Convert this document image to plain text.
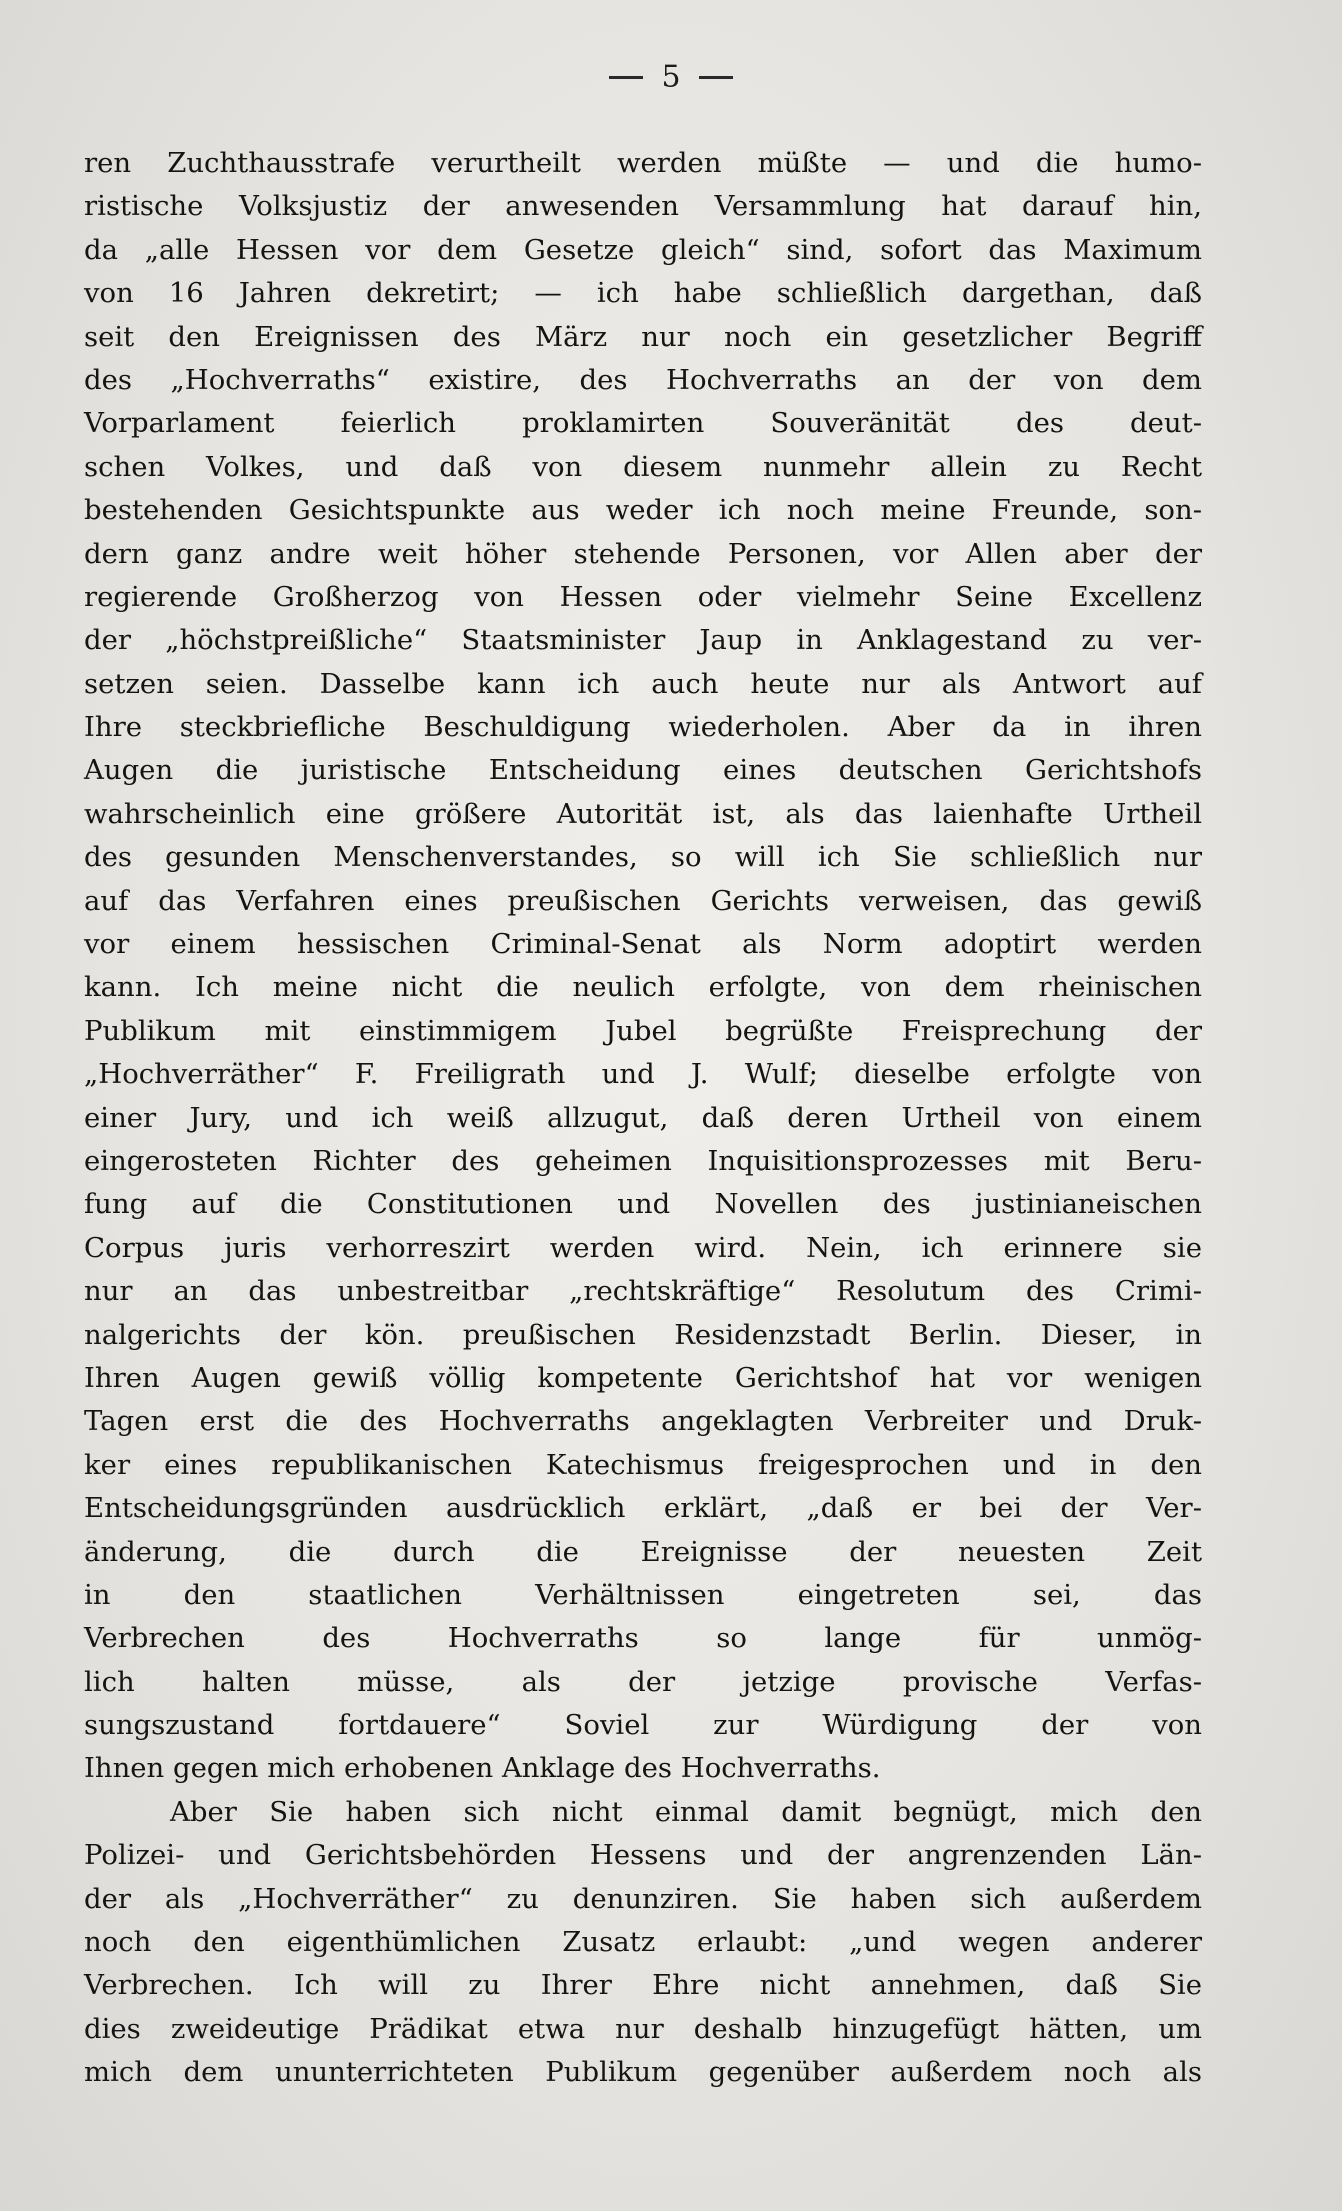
5
ren Zuchthausstrafe verurtheilt werden müßte — und die humo-
ristische Volksjustiz der anwesenden Versammlung hat darauf hin,
da „alle Hessen vor dem Gesetze gleich“ sind, sofort das Maximum
von 16 Jahren dekretirt; — ich habe schließlich dargethan, daß
seit den Ereignissen des März nur noch ein gesetzlicher Begriff
des „Hochverraths“ existire, des Hochverraths an der von dem
Vorparlament feierlich proklamirten Souveränität des deut-
schen Volkes, und daß von diesem nunmehr allein zu Recht
bestehenden Gesichtspunkte aus weder ich noch meine Freunde, son-
dern ganz andre weit höher stehende Personen, vor Allen aber der
regierende Großherzog von Hessen oder vielmehr Seine Excellenz
der „höchstpreißliche“ Staatsminister Jaup in Anklagestand zu ver-
setzen seien. Dasselbe kann ich auch heute nur als Antwort auf
Ihre steckbriefliche Beschuldigung wiederholen. Aber da in ihren
Augen die juristische Entscheidung eines deutschen Gerichtshofs
wahrscheinlich eine größere Autorität ist, als das laienhafte Urtheil
des gesunden Menschenverstandes, so will ich Sie schließlich nur
auf das Verfahren eines preußischen Gerichts verweisen, das gewiß
vor einem hessischen Criminal-Senat als Norm adoptirt werden
kann. Ich meine nicht die neulich erfolgte, von dem rheinischen
Publikum mit einstimmigem Jubel begrüßte Freisprechung der
„Hochverräther“ F. Freiligrath und J. Wulf; dieselbe erfolgte von
einer Jury, und ich weiß allzugut, daß deren Urtheil von einem
eingerosteten Richter des geheimen Inquisitionsprozesses mit Beru-
fung auf die Constitutionen und Novellen des justinianeischen
Corpus juris verhorreszirt werden wird. Nein, ich erinnere sie
nur an das unbestreitbar „rechtskräftige“ Resolutum des Crimi-
nalgerichts der kön. preußischen Residenzstadt Berlin. Dieser, in
Ihren Augen gewiß völlig kompetente Gerichtshof hat vor wenigen
Tagen erst die des Hochverraths angeklagten Verbreiter und Druk-
ker eines republikanischen Katechismus freigesprochen und in den
Entscheidungsgründen ausdrücklich erklärt, „daß er bei der Ver-
änderung, die durch die Ereignisse der neuesten Zeit
in den staatlichen Verhältnissen eingetreten sei, das
Verbrechen des Hochverraths so lange für unmög-
lich halten müsse, als der jetzige provische Verfas-
sungszustand fortdauere“ Soviel zur Würdigung der von
Ihnen gegen mich erhobenen Anklage des Hochverraths.
Aber Sie haben sich nicht einmal damit begnügt, mich den
Polizei- und Gerichtsbehörden Hessens und der angrenzenden Län-
der als „Hochverräther“ zu denunziren. Sie haben sich außerdem
noch den eigenthümlichen Zusatz erlaubt: „und wegen anderer
Verbrechen. Ich will zu Ihrer Ehre nicht annehmen, daß Sie
dies zweideutige Prädikat etwa nur deshalb hinzugefügt hätten, um
mich dem ununterrichteten Publikum gegenüber außerdem noch als
